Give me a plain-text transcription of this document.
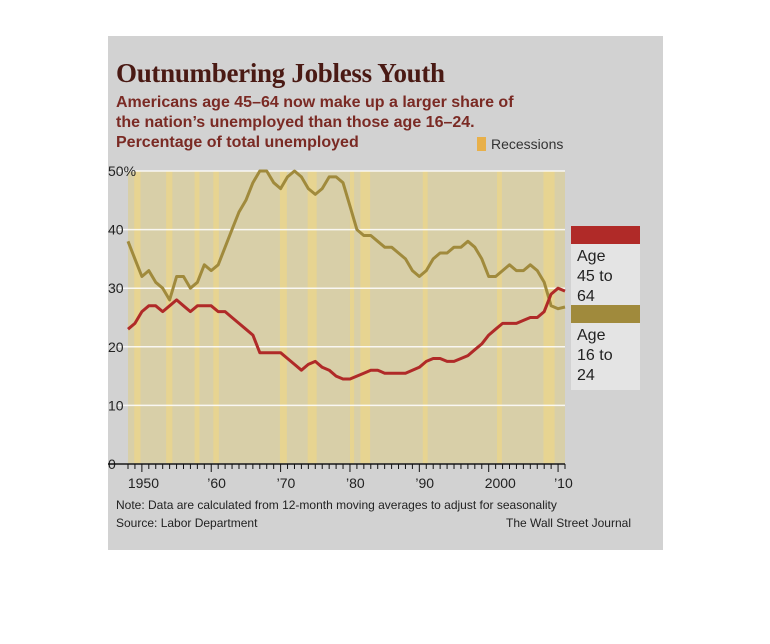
Outnumbering Jobless Youth

Americans age 45–64 now make up a larger share of the nation’s unemployed than those age 16–24.

Percentage of total unemployed	Recessions
0
10
20
30
40
50%
1950	’60	’70	’80	’90	2000	’10
Age
45 to 64
Age
16 to 24
Note: Data are calculated from 12-month moving averages to adjust for seasonality
Source: Labor Department	The Wall Street Journal
